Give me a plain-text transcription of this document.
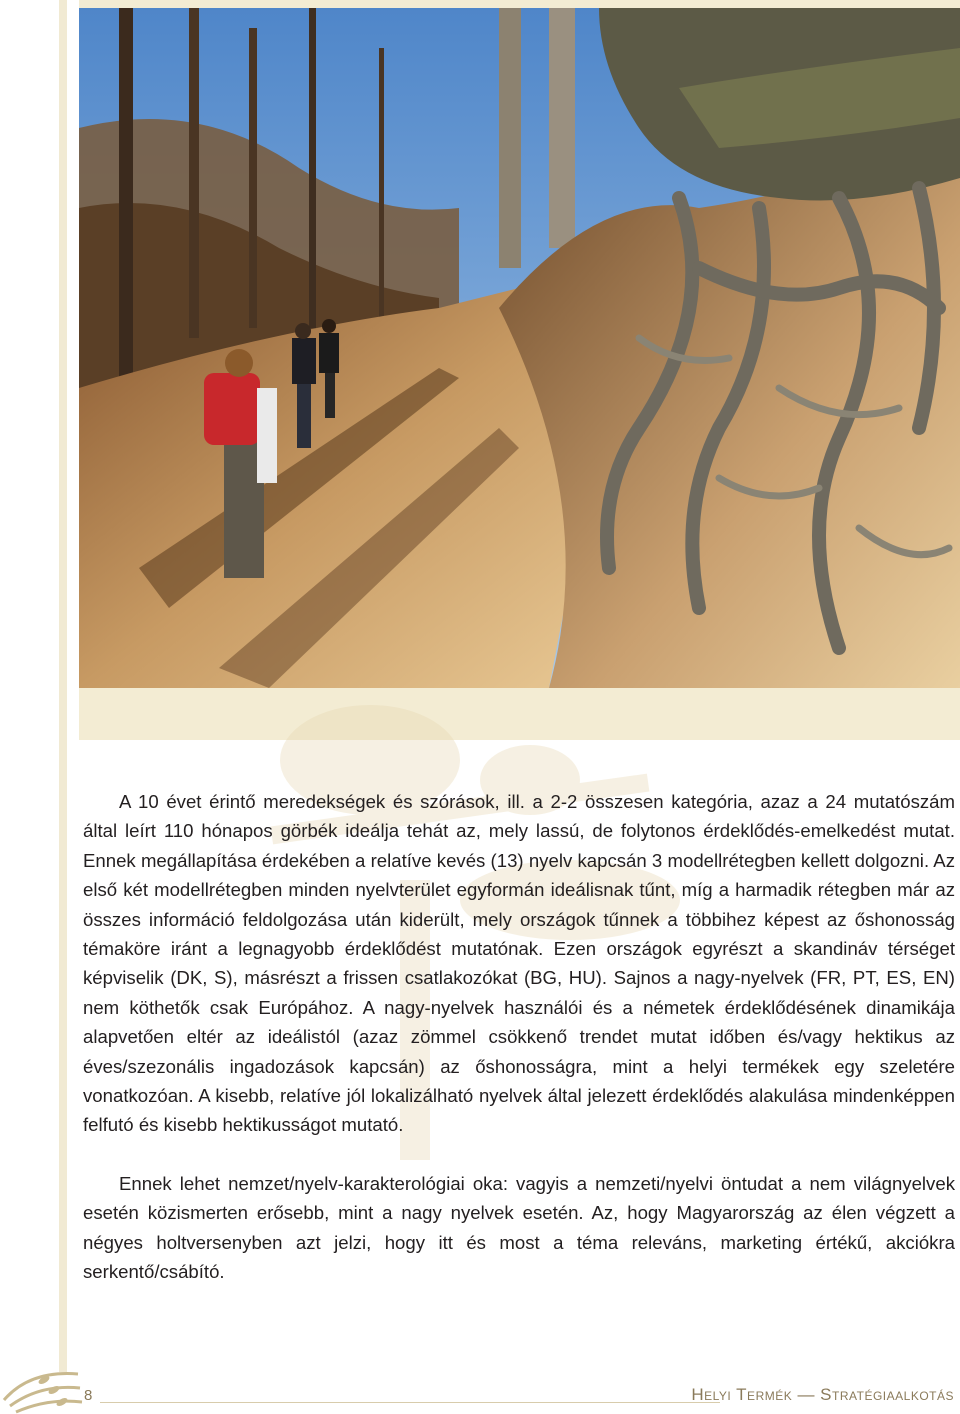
A 10 évet érintő meredekségek és szórások, ill. a 2-2 összesen kategória, azaz a 24 mutatószám által leírt 110 hónapos görbék ideálja tehát az, mely lassú, de folytonos érdeklődés-emelkedést mutat. Ennek megállapítása érdekében a relatíve kevés (13) nyelv kapcsán 3 modellrétegben kellett dolgozni. Az első két modellrétegben minden nyelvterület egyformán ideálisnak tűnt, míg a harmadik rétegben már az összes információ feldolgozása után kiderült, mely országok tűnnek a többihez képest az őshonosság témaköre iránt a legnagyobb érdeklődést mutatónak. Ezen országok egyrészt a skandináv térséget képviselik (DK, S), másrészt a frissen csatlakozókat (BG, HU). Sajnos a nagy-nyelvek (FR, PT, ES, EN) nem köthetők csak Európához. A nagy-nyelvek használói és a németek érdeklődésének dinamikája alapvetően eltér az ideálistól (azaz zömmel csökkenő trendet mutat időben és/vagy hektikus az éves/szezonális ingadozások kapcsán) az őshonosságra, mint a helyi termékek egy szeletére vonatkozóan. A kisebb, relatíve jól lokalizálható nyelvek által jelezett érdeklődés alakulása mindenképpen felfutó és kisebb hektikusságot mutató.

Ennek lehet nemzet/nyelv-karakterológiai oka: vagyis a nemzeti/nyelvi öntudat a nem világnyelvek esetén közismerten erősebb, mint a nagy nyelvek esetén. Az, hogy Magyarország az élen végzett a négyes holtversenyben azt jelzi, hogy itt és most a téma releváns, marketing értékű, akciókra serkentő/csábító.

8	Helyi Termék — Stratégiaalkotás
